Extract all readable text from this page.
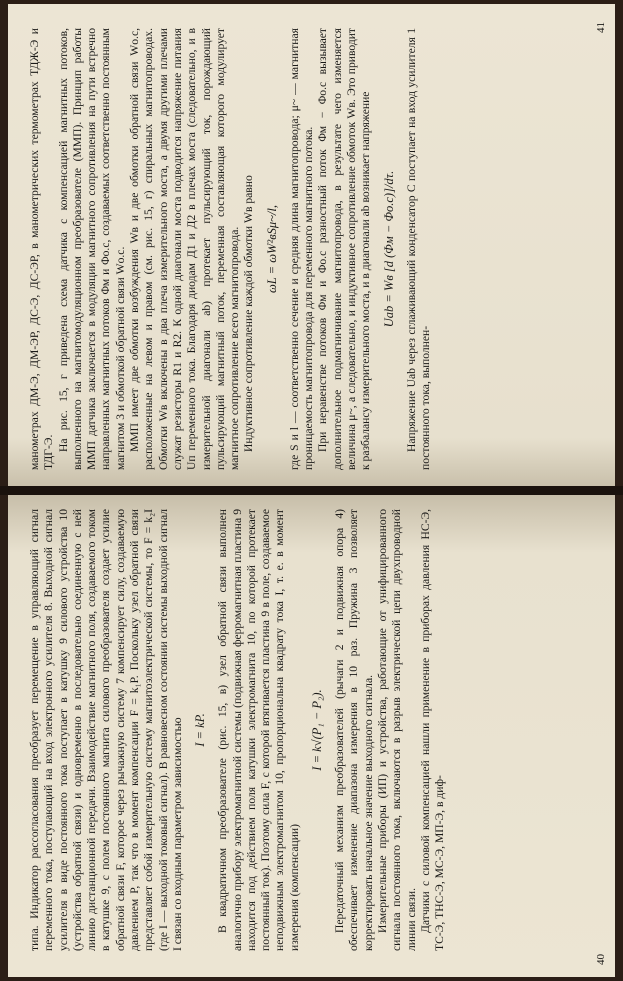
типа. Индикатор рассогласования преобразует перемещение в управляющий сигнал переменного тока, поступающий на вход электронного усилителя 8. Выходной сигнал усилителя в виде постоянного тока поступает в катушку 9 силового устройства 10 (устройства обратной связи) и одновременно в последовательно соединенную с ней линию дистанционной передачи. Взаимодействие магнитного поля, создаваемого током в катушке 9, с полем постоянного магнита силового преобразователя создает усилие обратной связи F, которое через рычажную систему 7 компенсирует силу, создаваемую давлением P, так что в момент компенсации F = k₁P. Поскольку узел обратной связи представляет собой измерительную систему магнитоэлектрической системы, то F = k₂I (где I — выходной токовый сигнал). В равновесном состоянии системы выходной сигнал I связан со входным параметром зависимостью I = kP. В квадратичном преобразователе (рис. 15, в) узел обратной связи выполнен аналогично прибору электромагнитной системы (подвижная ферромагнитная пластина 9 находится под действием поля катушки электромагнита 10, по которой протекает постоянный ток). Поэтому сила F, с которой втягивается пластина 9 в поле, создаваемое неподвижным электромагнитом 10, пропорциональна квадрату тока I, т. е. в момент измерения (компенсации)

I = k√(P₁ − P₂). Передаточный механизм преобразователей (рычаги 2 и подвижная опора 4) обеспечивает изменение диапазона измерения в 10 раз. Пружина 3 позволяет корректировать начальное значение выходного сигнала. Измерительные приборы (ИП) и устройства, работающие от унифицированного сигнала постоянного тока, включаются в разрыв электрической цепи двухпроводной линии связи. Датчики с силовой компенсацией нашли применение в приборах давления НС-Э, ТС-Э, ТНС-Э, МС-Э, МП-Э, в диф-

40

манометрах ДМ-Э, ДМ-ЭР, ДС-Э, ДС-ЭР, в манометрических термометрах ТДЖ-Э и ТДГ-Э.

На рис. 15, г приведена схема датчика с компенсацией магнитных потоков, выполненного на магнитомодуляционном преобразователе (ММП). Принцип работы ММП датчика заключается в модуляции магнитного сопротивления на пути встречно направленных магнитных потоков Φм и Φо.с, создаваемых соответственно постоянным магнитом 3 и обмоткой обратной связи Wо.с. ММП имеет две обмотки возбуждения Wв и две обмотки обратной связи Wо.с, расположенные на левом и правом (см. рис. 15, г) спиральных магнитопроводах. Обмотки Wв включены в два плеча измерительного моста, а двумя другими плечами служат резисторы R1 и R2. К одной диагонали моста подводится напряжение питания Uп переменного тока. Благодаря диодам Д1 и Д2 в плечах моста (следовательно, и в измерительной диагонали ab) протекает пульсирующий ток, порождающий пульсирующий магнитный поток, переменная составляющая которого модулирует магнитное сопротивление всего магнитопровода. Индуктивное сопротивление каждой обмотки Wв равно ωL = ωW²вSμ~/l, где S и l — соответственно сечение и средняя длина магнитопровода; μ~ — магнитная проницаемость магнитопровода для переменного магнитного потока. При неравенстве потоков Φм и Φо.с разностный поток Φм − Φо.с вызывает дополнительное подмагничивание магнитопровода, в результате чего изменяется величина μ~, а следовательно, и индуктивное сопротивление обмоток Wв. Это приводит к разбалансу измерительного моста, и в диагонали ab возникает напряжение Uab = Wв [d (Φм − Φо.с)]/dτ. Напряжение Uab через сглаживающий конденсатор C поступает на вход усилителя 1 постоянного тока, выполнен-

41
